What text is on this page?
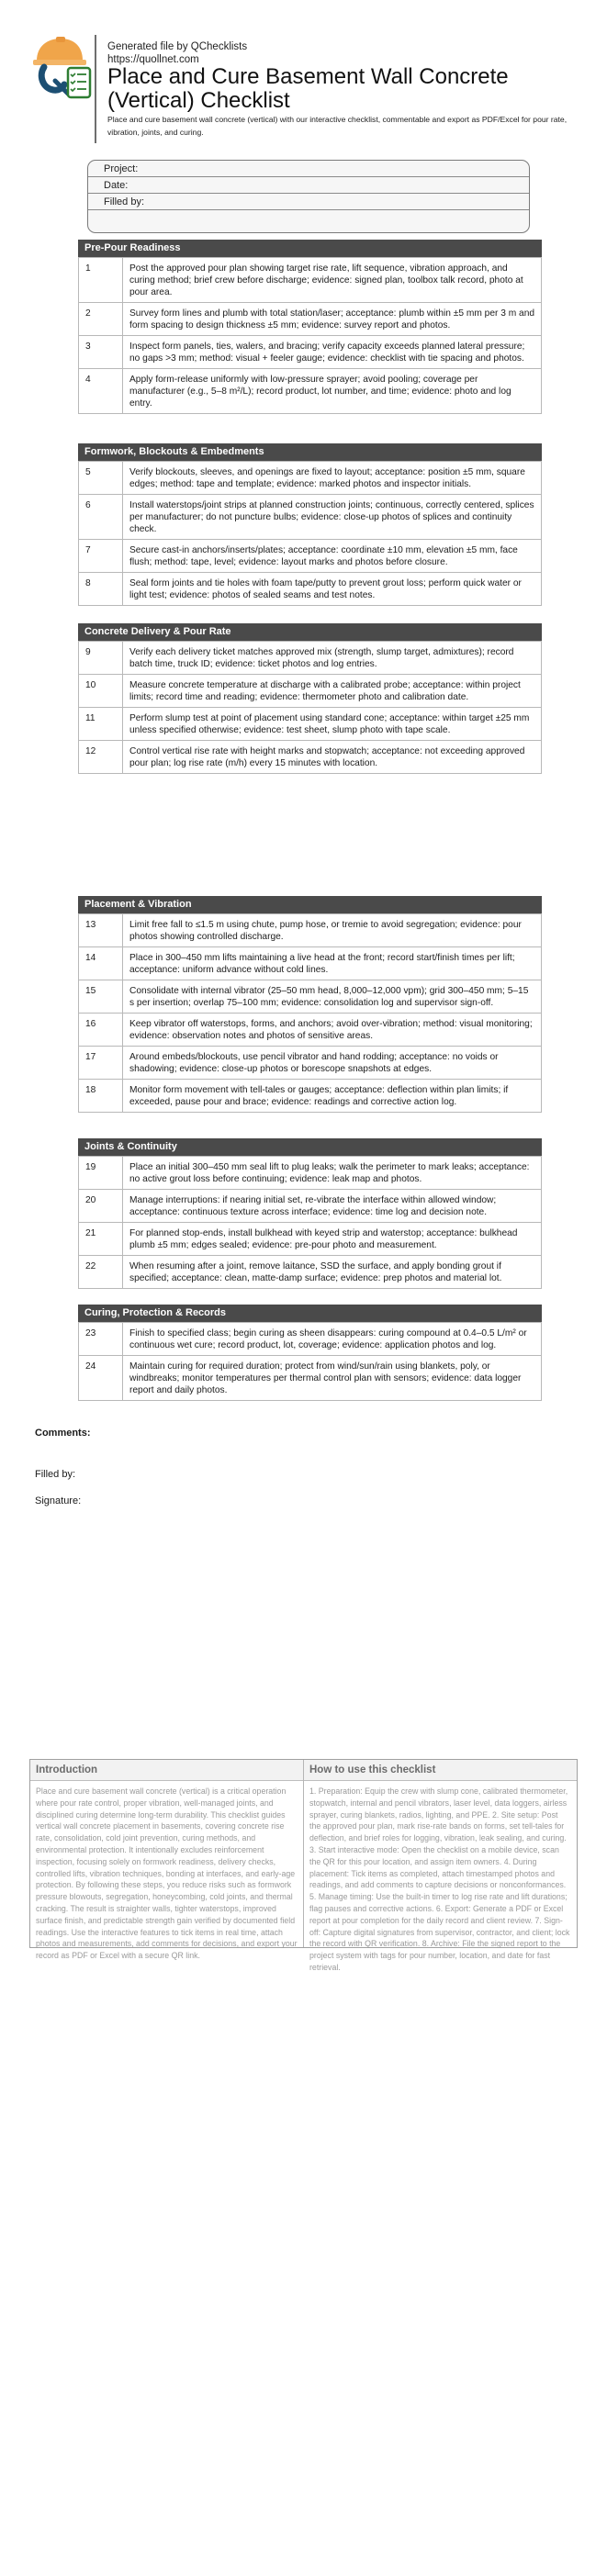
Generated file by QChecklists
https://quollnet.com
Place and Cure Basement Wall Concrete (Vertical) Checklist
Place and cure basement wall concrete (vertical) with our interactive checklist, commentable and export as PDF/Excel for pour rate, vibration, joints, and curing.
Project:
Date:
Filled by:
Pre-Pour Readiness
1	Post the approved pour plan showing target rise rate, lift sequence, vibration approach, and curing method; brief crew before discharge; evidence: signed plan, toolbox talk record, photo at pour area.
2	Survey form lines and plumb with total station/laser; acceptance: plumb within ±5 mm per 3 m and form spacing to design thickness ±5 mm; evidence: survey report and photos.
3	Inspect form panels, ties, walers, and bracing; verify capacity exceeds planned lateral pressure; no gaps >3 mm; method: visual + feeler gauge; evidence: checklist with tie spacing and photos.
4	Apply form-release uniformly with low-pressure sprayer; avoid pooling; coverage per manufacturer (e.g., 5–8 m²/L); record product, lot number, and time; evidence: photo and log entry.
Formwork, Blockouts & Embedments
5	Verify blockouts, sleeves, and openings are fixed to layout; acceptance: position ±5 mm, square edges; method: tape and template; evidence: marked photos and inspector initials.
6	Install waterstops/joint strips at planned construction joints; continuous, correctly centered, splices per manufacturer; do not puncture bulbs; evidence: close-up photos of splices and continuity check.
7	Secure cast-in anchors/inserts/plates; acceptance: coordinate ±10 mm, elevation ±5 mm, face flush; method: tape, level; evidence: layout marks and photos before closure.
8	Seal form joints and tie holes with foam tape/putty to prevent grout loss; perform quick water or light test; evidence: photos of sealed seams and test notes.
Concrete Delivery & Pour Rate
9	Verify each delivery ticket matches approved mix (strength, slump target, admixtures); record batch time, truck ID; evidence: ticket photos and log entries.
10	Measure concrete temperature at discharge with a calibrated probe; acceptance: within project limits; record time and reading; evidence: thermometer photo and calibration date.
11	Perform slump test at point of placement using standard cone; acceptance: within target ±25 mm unless specified otherwise; evidence: test sheet, slump photo with tape scale.
12	Control vertical rise rate with height marks and stopwatch; acceptance: not exceeding approved pour plan; log rise rate (m/h) every 15 minutes with location.
Placement & Vibration
13	Limit free fall to ≤1.5 m using chute, pump hose, or tremie to avoid segregation; evidence: pour photos showing controlled discharge.
14	Place in 300–450 mm lifts maintaining a live head at the front; record start/finish times per lift; acceptance: uniform advance without cold lines.
15	Consolidate with internal vibrator (25–50 mm head, 8,000–12,000 vpm); grid 300–450 mm; 5–15 s per insertion; overlap 75–100 mm; evidence: consolidation log and supervisor sign-off.
16	Keep vibrator off waterstops, forms, and anchors; avoid over-vibration; method: visual monitoring; evidence: observation notes and photos of sensitive areas.
17	Around embeds/blockouts, use pencil vibrator and hand rodding; acceptance: no voids or shadowing; evidence: close-up photos or borescope snapshots at edges.
18	Monitor form movement with tell-tales or gauges; acceptance: deflection within plan limits; if exceeded, pause pour and brace; evidence: readings and corrective action log.
Joints & Continuity
19	Place an initial 300–450 mm seal lift to plug leaks; walk the perimeter to mark leaks; acceptance: no active grout loss before continuing; evidence: leak map and photos.
20	Manage interruptions: if nearing initial set, re-vibrate the interface within allowed window; acceptance: continuous texture across interface; evidence: time log and decision note.
21	For planned stop-ends, install bulkhead with keyed strip and waterstop; acceptance: bulkhead plumb ±5 mm; edges sealed; evidence: pre-pour photo and measurement.
22	When resuming after a joint, remove laitance, SSD the surface, and apply bonding grout if specified; acceptance: clean, matte-damp surface; evidence: prep photos and material lot.
Curing, Protection & Records
23	Finish to specified class; begin curing as sheen disappears: curing compound at 0.4–0.5 L/m² or continuous wet cure; record product, lot, coverage; evidence: application photos and log.
24	Maintain curing for required duration; protect from wind/sun/rain using blankets, poly, or windbreaks; monitor temperatures per thermal control plan with sensors; evidence: data logger report and daily photos.
Comments:
Filled by:
Signature:
Introduction
Place and cure basement wall concrete (vertical) is a critical operation where pour rate control, proper vibration, well-managed joints, and disciplined curing determine long-term durability. This checklist guides vertical wall concrete placement in basements, covering concrete rise rate, consolidation, cold joint prevention, curing methods, and environmental protection. It intentionally excludes reinforcement inspection, focusing solely on formwork readiness, delivery checks, controlled lifts, vibration techniques, bonding at interfaces, and early-age protection. By following these steps, you reduce risks such as formwork pressure blowouts, segregation, honeycombing, cold joints, and thermal cracking. The result is straighter walls, tighter waterstops, improved surface finish, and predictable strength gain verified by documented field readings. Use the interactive features to tick items in real time, attach photos and measurements, add comments for decisions, and export your record as PDF or Excel with a secure QR link.
How to use this checklist
1. Preparation: Equip the crew with slump cone, calibrated thermometer, stopwatch, internal and pencil vibrators, laser level, data loggers, airless sprayer, curing blankets, radios, lighting, and PPE. 2. Site setup: Post the approved pour plan, mark rise-rate bands on forms, set tell-tales for deflection, and brief roles for logging, vibration, leak sealing, and curing. 3. Start interactive mode: Open the checklist on a mobile device, scan the QR for this pour location, and assign item owners. 4. During placement: Tick items as completed, attach timestamped photos and readings, and add comments to capture decisions or nonconformances. 5. Manage timing: Use the built-in timer to log rise rate and lift durations; flag pauses and corrective actions. 6. Export: Generate a PDF or Excel report at pour completion for the daily record and client review. 7. Sign-off: Capture digital signatures from supervisor, contractor, and client; lock the record with QR verification. 8. Archive: File the signed report to the project system with tags for pour number, location, and date for fast retrieval.
